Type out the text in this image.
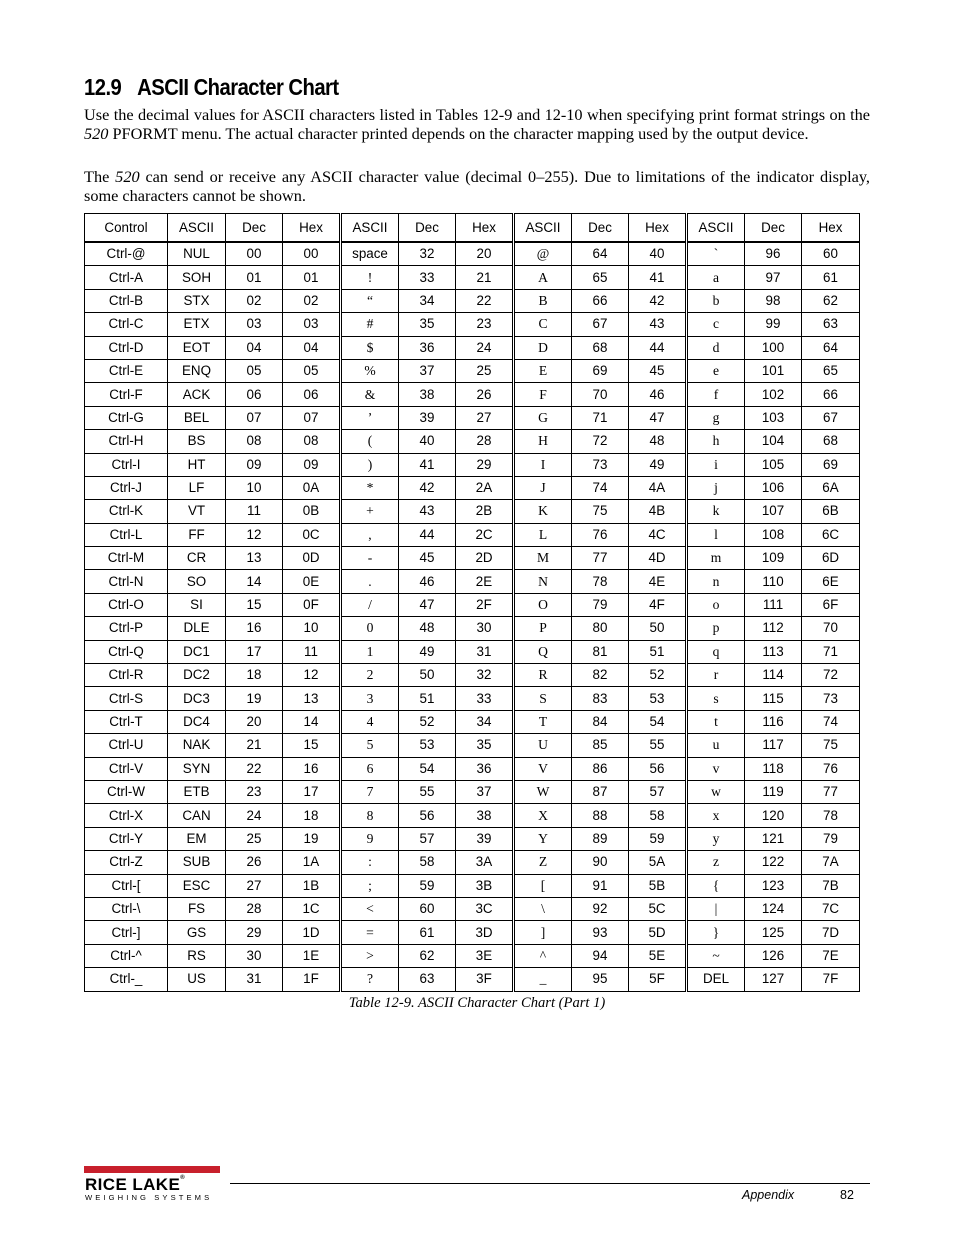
12.9 ASCII Character Chart

Use the decimal values for ASCII characters listed in Tables 12-9 and 12-10 when specifying print format strings on the 520 PFORMT menu. The actual character printed depends on the character mapping used by the output device.

The 520 can send or receive any ASCII character value (decimal 0–255). Due to limitations of the indicator display, some characters cannot be shown.

Control	ASCII	Dec	Hex	ASCII	Dec	Hex	ASCII	Dec	Hex	ASCII	Dec	Hex
Ctrl-@	NUL	00	00	space	32	20	@	64	40	`	96	60
Ctrl-A	SOH	01	01	!	33	21	A	65	41	a	97	61
Ctrl-B	STX	02	02	“	34	22	B	66	42	b	98	62
Ctrl-C	ETX	03	03	#	35	23	C	67	43	c	99	63
Ctrl-D	EOT	04	04	$	36	24	D	68	44	d	100	64
Ctrl-E	ENQ	05	05	%	37	25	E	69	45	e	101	65
Ctrl-F	ACK	06	06	&	38	26	F	70	46	f	102	66
Ctrl-G	BEL	07	07	’	39	27	G	71	47	g	103	67
Ctrl-H	BS	08	08	(	40	28	H	72	48	h	104	68
Ctrl-I	HT	09	09	)	41	29	I	73	49	i	105	69
Ctrl-J	LF	10	0A	*	42	2A	J	74	4A	j	106	6A
Ctrl-K	VT	11	0B	+	43	2B	K	75	4B	k	107	6B
Ctrl-L	FF	12	0C	,	44	2C	L	76	4C	l	108	6C
Ctrl-M	CR	13	0D	-	45	2D	M	77	4D	m	109	6D
Ctrl-N	SO	14	0E	.	46	2E	N	78	4E	n	110	6E
Ctrl-O	SI	15	0F	/	47	2F	O	79	4F	o	111	6F
Ctrl-P	DLE	16	10	0	48	30	P	80	50	p	112	70
Ctrl-Q	DC1	17	11	1	49	31	Q	81	51	q	113	71
Ctrl-R	DC2	18	12	2	50	32	R	82	52	r	114	72
Ctrl-S	DC3	19	13	3	51	33	S	83	53	s	115	73
Ctrl-T	DC4	20	14	4	52	34	T	84	54	t	116	74
Ctrl-U	NAK	21	15	5	53	35	U	85	55	u	117	75
Ctrl-V	SYN	22	16	6	54	36	V	86	56	v	118	76
Ctrl-W	ETB	23	17	7	55	37	W	87	57	w	119	77
Ctrl-X	CAN	24	18	8	56	38	X	88	58	x	120	78
Ctrl-Y	EM	25	19	9	57	39	Y	89	59	y	121	79
Ctrl-Z	SUB	26	1A	:	58	3A	Z	90	5A	z	122	7A
Ctrl-[	ESC	27	1B	;	59	3B	[	91	5B	{	123	7B
Ctrl-\	FS	28	1C	<	60	3C	\	92	5C	|	124	7C
Ctrl-]	GS	29	1D	=	61	3D	]	93	5D	}	125	7D
Ctrl-^	RS	30	1E	>	62	3E	^	94	5E	~	126	7E
Ctrl-_	US	31	1F	?	63	3F	_	95	5F	DEL	127	7F

Table 12-9. ASCII Character Chart (Part 1)

RICE LAKE®
WEIGHING SYSTEMS	Appendix	82
